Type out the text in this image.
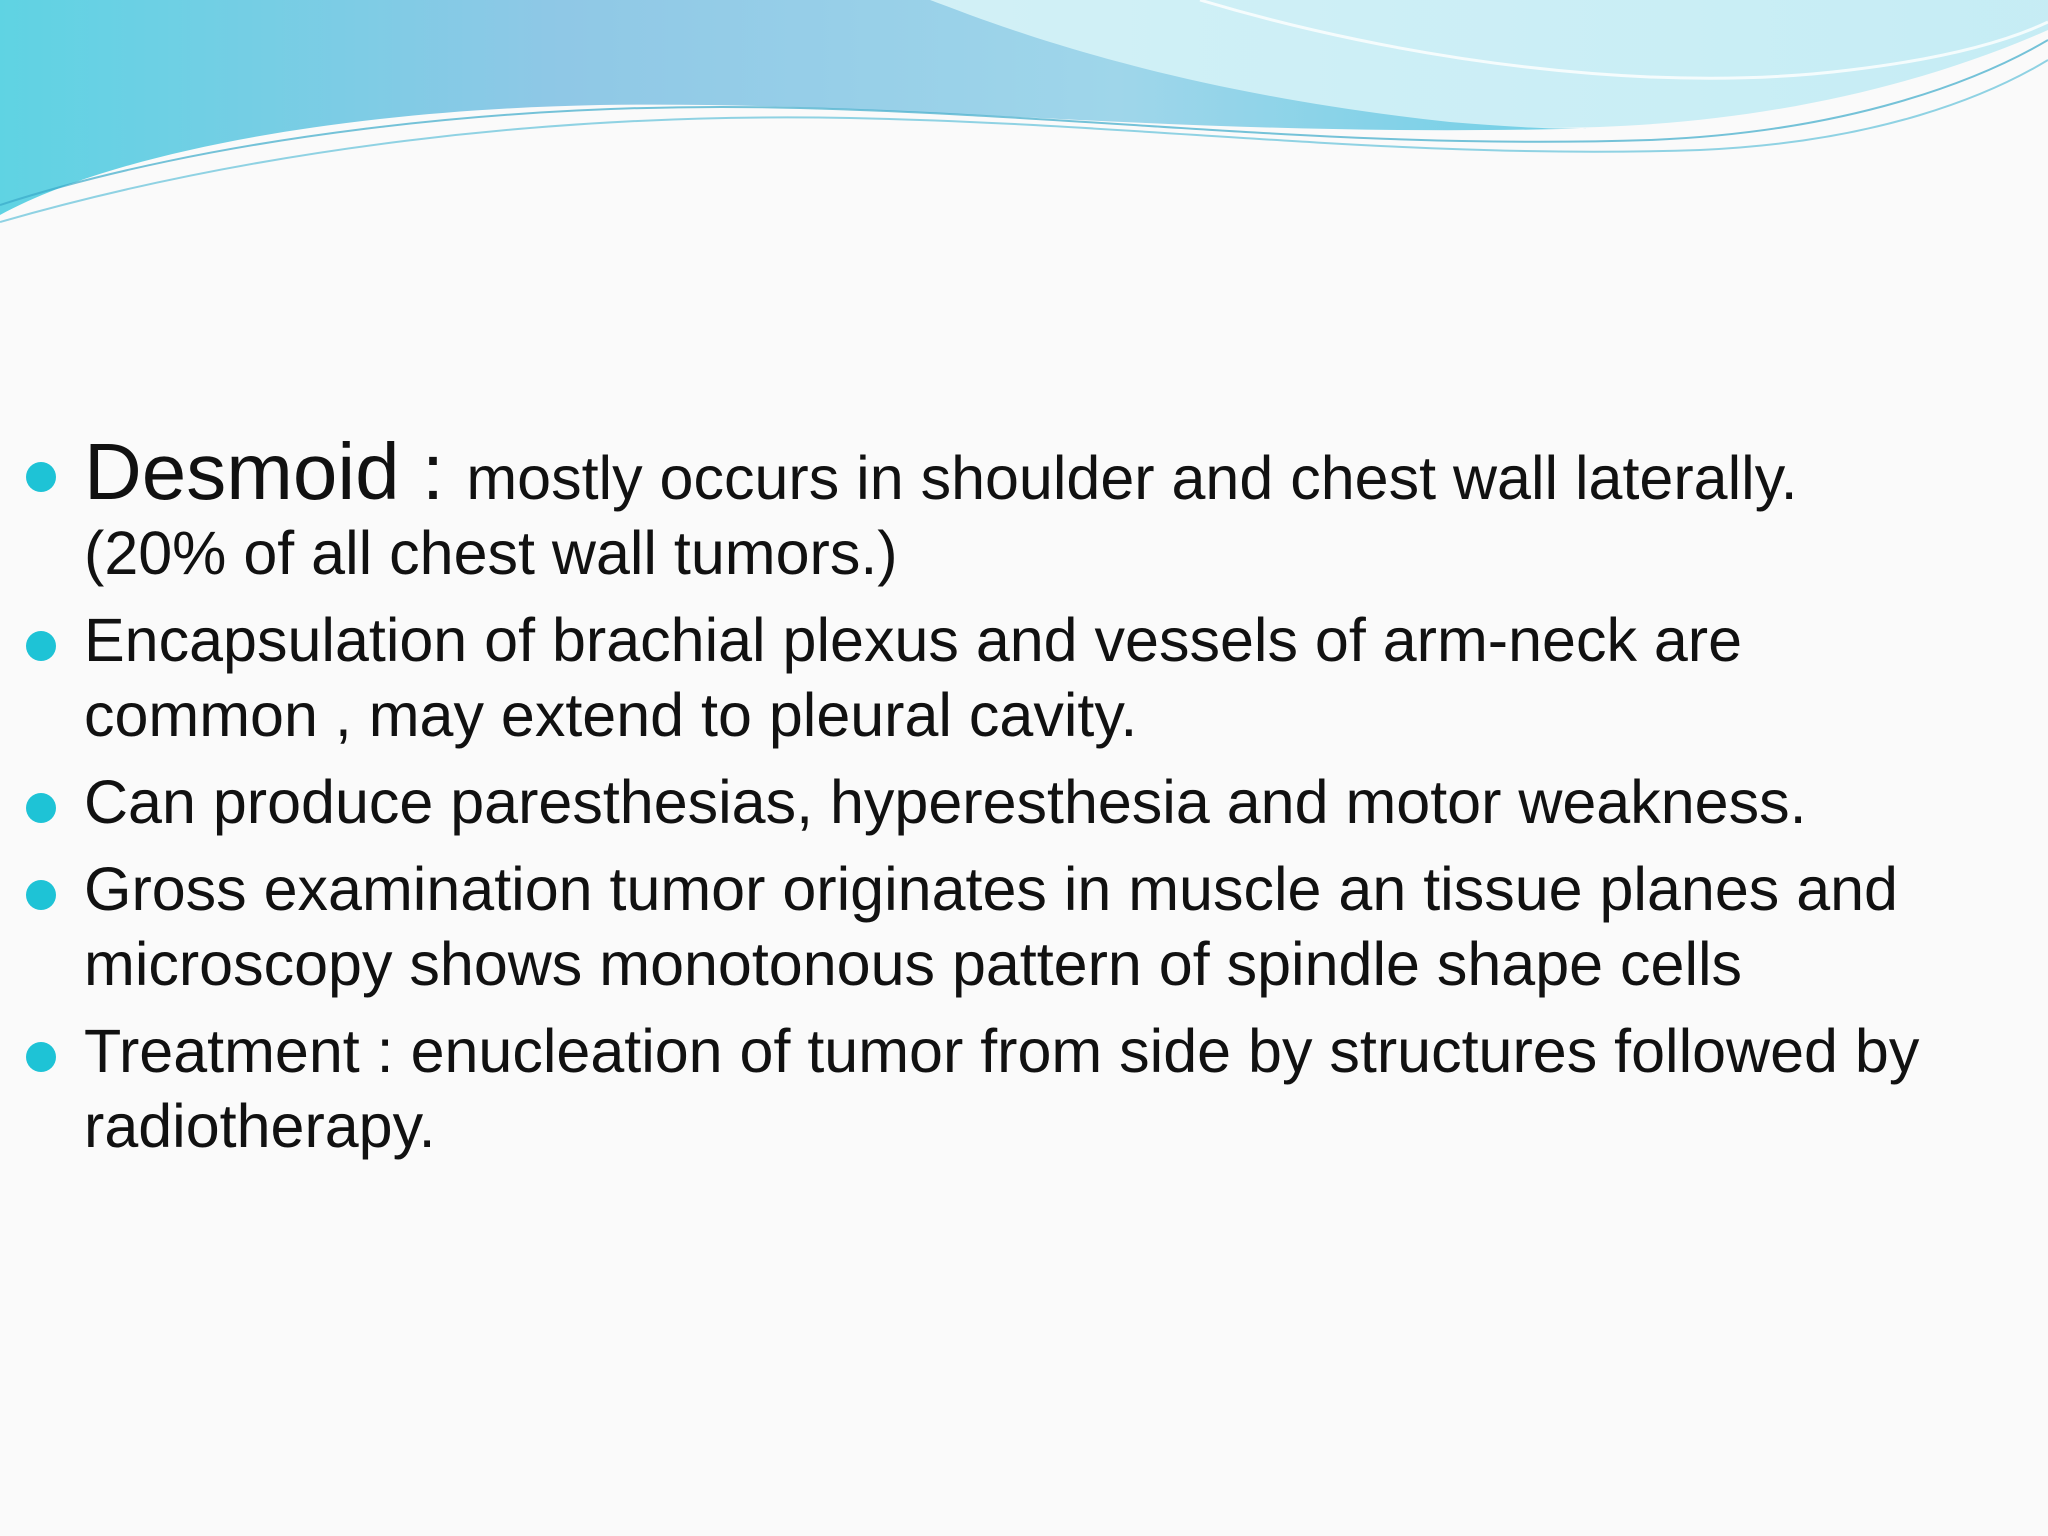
Desmoid : mostly occurs in shoulder and chest wall laterally.(20% of all chest wall tumors.)
Encapsulation of brachial plexus and vessels of arm-neck are common , may extend to pleural cavity.
Can produce paresthesias, hyperesthesia and motor weakness.
Gross examination tumor originates in muscle an tissue planes and microscopy shows monotonous pattern of spindle shape cells
Treatment : enucleation of tumor from side by structures followed by radiotherapy.
